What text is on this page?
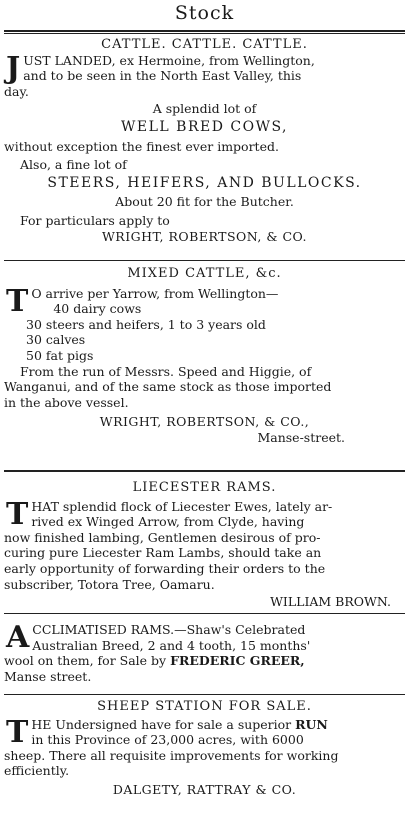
Stock
CATTLE. CATTLE. CATTLE.
J UST LANDED, ex Hermoine, from Wellington,
and to be seen in the North East Valley, this
day.
A splendid lot of
WELL BRED COWS,
without exception the finest ever imported.
Also, a fine lot of
STEERS, HEIFERS, AND BULLOCKS.
About 20 fit for the Butcher.
For particulars apply to
WRIGHT, ROBERTSON, & CO.
MIXED CATTLE, &c.
T O arrive per Yarrow, from Wellington—
40 dairy cows
30 steers and heifers, 1 to 3 years old
30 calves
50 fat pigs
From the run of Messrs. Speed and Higgie, of
Wanganui, and of the same stock as those imported
in the above vessel.
WRIGHT, ROBERTSON, & CO.,
Manse-street.
LIECESTER RAMS.
T HAT splendid flock of Liecester Ewes, lately ar-
rived ex Winged Arrow, from Clyde, having
now finished lambing, Gentlemen desirous of pro-
curing pure Liecester Ram Lambs, should take an
early opportunity of forwarding their orders to the
subscriber, Totora Tree, Oamaru.
WILLIAM BROWN.
A CCLIMATISED RAMS.—Shaw's Celebrated
Australian Breed, 2 and 4 tooth, 15 months'
wool on them, for Sale by FREDERIC GREER,
Manse street.
SHEEP STATION FOR SALE.
T HE Undersigned have for sale a superior RUN
in this Province of 23,000 acres, with 6000
sheep. There all requisite improvements for working
efficiently.
DALGETY, RATTRAY & CO.
